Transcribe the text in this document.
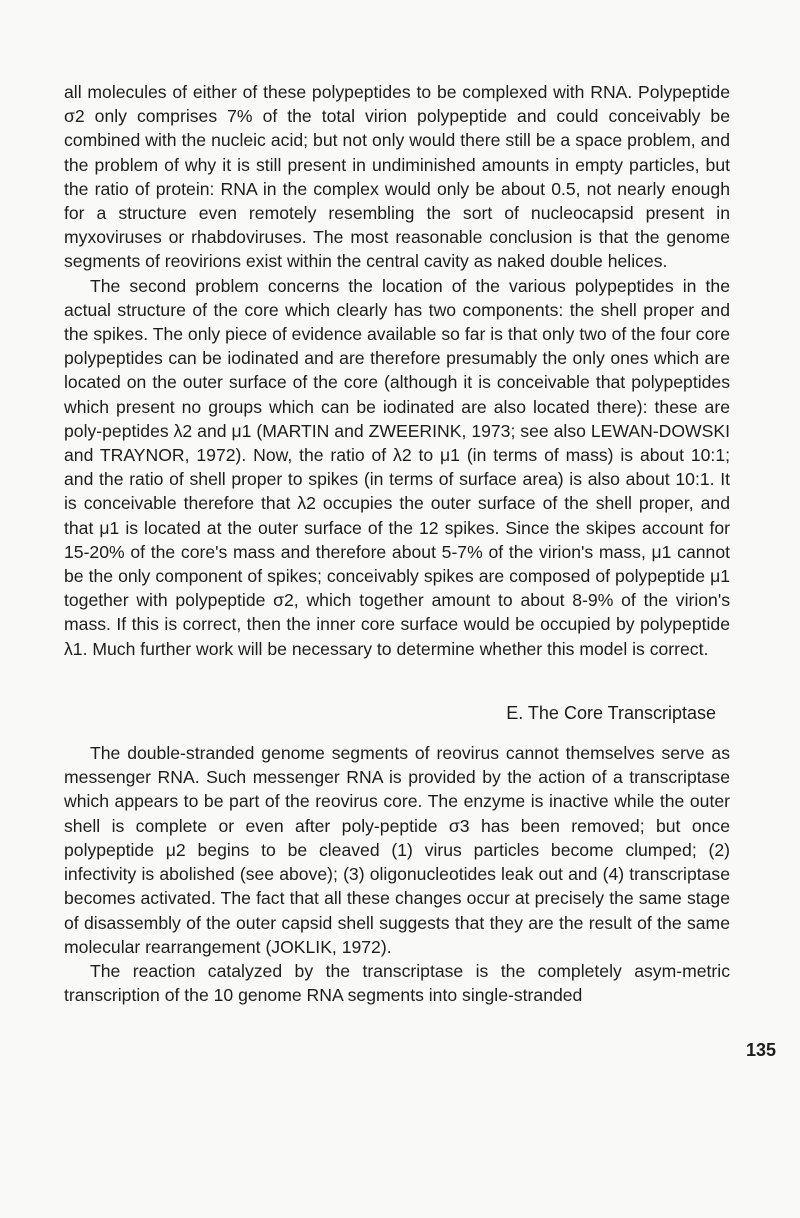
all molecules of either of these polypeptides to be complexed with RNA. Polypeptide σ2 only comprises 7% of the total virion polypeptide and could conceivably be combined with the nucleic acid; but not only would there still be a space problem, and the problem of why it is still present in undiminished amounts in empty particles, but the ratio of protein: RNA in the complex would only be about 0.5, not nearly enough for a structure even remotely resembling the sort of nucleocapsid present in myxoviruses or rhabdoviruses. The most reasonable conclusion is that the genome segments of reovirions exist within the central cavity as naked double helices.

The second problem concerns the location of the various polypeptides in the actual structure of the core which clearly has two components: the shell proper and the spikes. The only piece of evidence available so far is that only two of the four core polypeptides can be iodinated and are therefore presumably the only ones which are located on the outer surface of the core (although it is conceivable that polypeptides which present no groups which can be iodinated are also located there): these are poly-peptides λ2 and μ1 (MARTIN and ZWEERINK, 1973; see also LEWAN-DOWSKI and TRAYNOR, 1972). Now, the ratio of λ2 to μ1 (in terms of mass) is about 10:1; and the ratio of shell proper to spikes (in terms of surface area) is also about 10:1. It is conceivable therefore that λ2 occupies the outer surface of the shell proper, and that μ1 is located at the outer surface of the 12 spikes. Since the skipes account for 15-20% of the core's mass and therefore about 5-7% of the virion's mass, μ1 cannot be the only component of spikes; conceivably spikes are composed of polypeptide μ1 together with polypeptide σ2, which together amount to about 8-9% of the virion's mass. If this is correct, then the inner core surface would be occupied by polypeptide λ1. Much further work will be necessary to determine whether this model is correct.

E. The Core Transcriptase

The double-stranded genome segments of reovirus cannot themselves serve as messenger RNA. Such messenger RNA is provided by the action of a transcriptase which appears to be part of the reovirus core. The enzyme is inactive while the outer shell is complete or even after poly-peptide σ3 has been removed; but once polypeptide μ2 begins to be cleaved (1) virus particles become clumped; (2) infectivity is abolished (see above); (3) oligonucleotides leak out and (4) transcriptase becomes activated. The fact that all these changes occur at precisely the same stage of disassembly of the outer capsid shell suggests that they are the result of the same molecular rearrangement (JOKLIK, 1972).

The reaction catalyzed by the transcriptase is the completely asym-metric transcription of the 10 genome RNA segments into single-stranded

135
